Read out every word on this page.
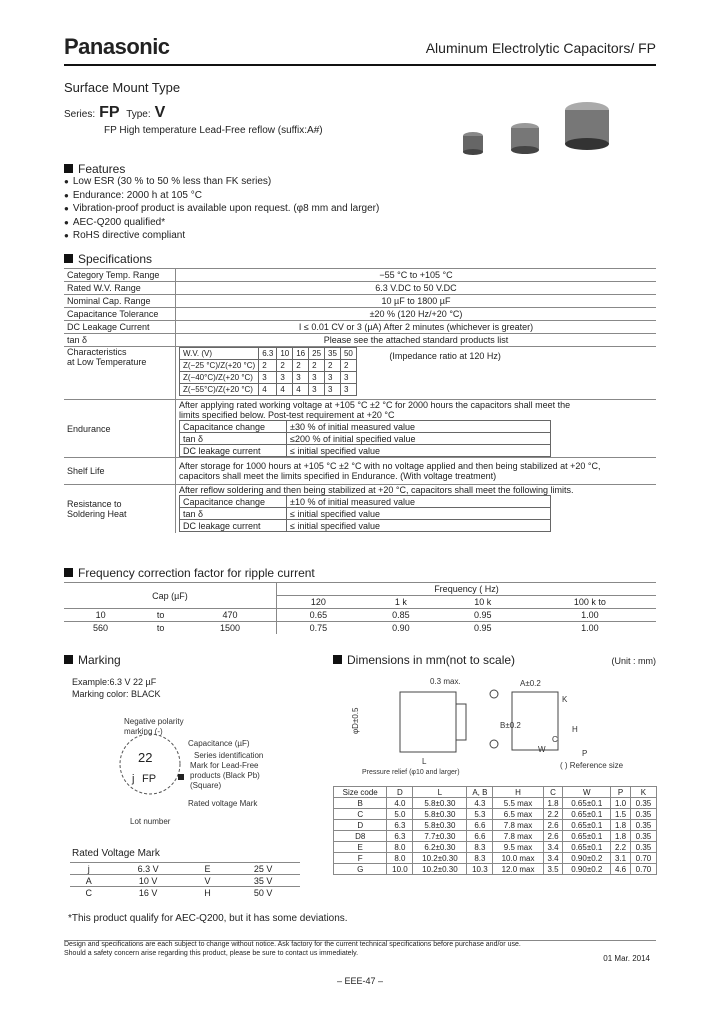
Panasonic	Aluminum Electrolytic Capacitors/ FP
Surface Mount Type
Series: FP Type: V
FP High temperature Lead-Free reflow (suffix:A#)
Features
● Low ESR (30 % to 50 % less than FK series)
● Endurance: 2000 h at 105 °C
● Vibration-proof product is available upon request. (φ8 mm and larger)
● AEC-Q200 qualified*
● RoHS directive compliant
Specifications
Category Temp. Range	−55 °C to +105 °C
Rated W.V. Range	6.3 V.DC to 50 V.DC
Nominal Cap. Range	10 µF to 1800 µF
Capacitance Tolerance	±20 % (120 Hz/+20 °C)
DC Leakage Current	I ≤ 0.01 CV or 3 (µA) After 2 minutes (whichever is greater)
tan δ	Please see the attached standard products list
Characteristics
at Low Temperature	W.V. (V)	6.3	10	16	25	35	50
Z(−25 °C)/Z(+20 °C)	2	2	2	2	2	2
Z(−40°C)/Z(+20 °C)	3	3	3	3	3	3
Z(−55°C)/Z(+20 °C)	4	4	4	3	3	3 (Impedance ratio at 120 Hz)
Endurance	
After applying rated working voltage at +105 °C ±2 °C for 2000 hours the capacitors shall meet the
limits specified below. Post-test requirement at +20 °C
Capacitance change	±30 % of initial measured value
tan δ	≤200 % of initial specified value
DC leakage current	≤ initial specified value

Shelf Life	After storage for 1000 hours at +105 °C ±2 °C with no voltage applied and then being stabilized at +20 °C,
capacitors shall meet the limits specified in Endurance. (With voltage treatment)

Resistance to
Soldering Heat	
After reflow soldering and then being stabilized at +20 °C, capacitors shall meet the following limits.
Capacitance change	±10 % of initial measured value
tan δ	≤ initial specified value
DC leakage current	≤ initial specified value
Frequency correction factor for ripple current
Cap (µF)			Frequency ( Hz)			
			120	1 k	10 k	100 k to
10	to	470	0.65	0.85	0.95	1.00
560	to	1500	0.75	0.90	0.95	1.00
Marking
Example:6.3 V 22 µF
Marking color: BLACK
Negative polarity
marking (-)
22
FP
j
Capacitance (µF)
Series identification
Mark for Lead-Free
products (Black Pb)
(Square)
Rated voltage Mark
Lot number
Rated Voltage Mark
j	6.3 V	E	25 V
A	10 V	V	35 V
C	16 V	H	50 V
Dimensions in mm(not to scale)	(Unit : mm)
0.3 max.
φD±0.5
L
Pressure relief (φ10 and larger)
A±0.2
B±0.2
K
H
W
C
P
( ) Reference size
Size code	D	L	A, B	H	C	W	P	K
B	4.0	5.8±0.30	4.3	5.5 max	1.8	0.65±0.1	1.0	0.35
C	5.0	5.8±0.30	5.3	6.5 max	2.2	0.65±0.1	1.5	0.35
D	6.3	5.8±0.30	6.6	7.8 max	2.6	0.65±0.1	1.8	0.35
D8	6.3	7.7±0.30	6.6	7.8 max	2.6	0.65±0.1	1.8	0.35
E	8.0	6.2±0.30	8.3	9.5 max	3.4	0.65±0.1	2.2	0.35
F	8.0	10.2±0.30	8.3	10.0 max	3.4	0.90±0.2	3.1	0.70
G	10.0	10.2±0.30	10.3	12.0 max	3.5	0.90±0.2	4.6	0.70
*This product qualify for AEC-Q200, but it has some deviations.
Design and specifications are each subject to change without notice. Ask factory for the current technical specifications before purchase and/or use.
Should a safety concern arise regarding this product, please be sure to contact us immediately.
01 Mar. 2014
– EEE-47 –
